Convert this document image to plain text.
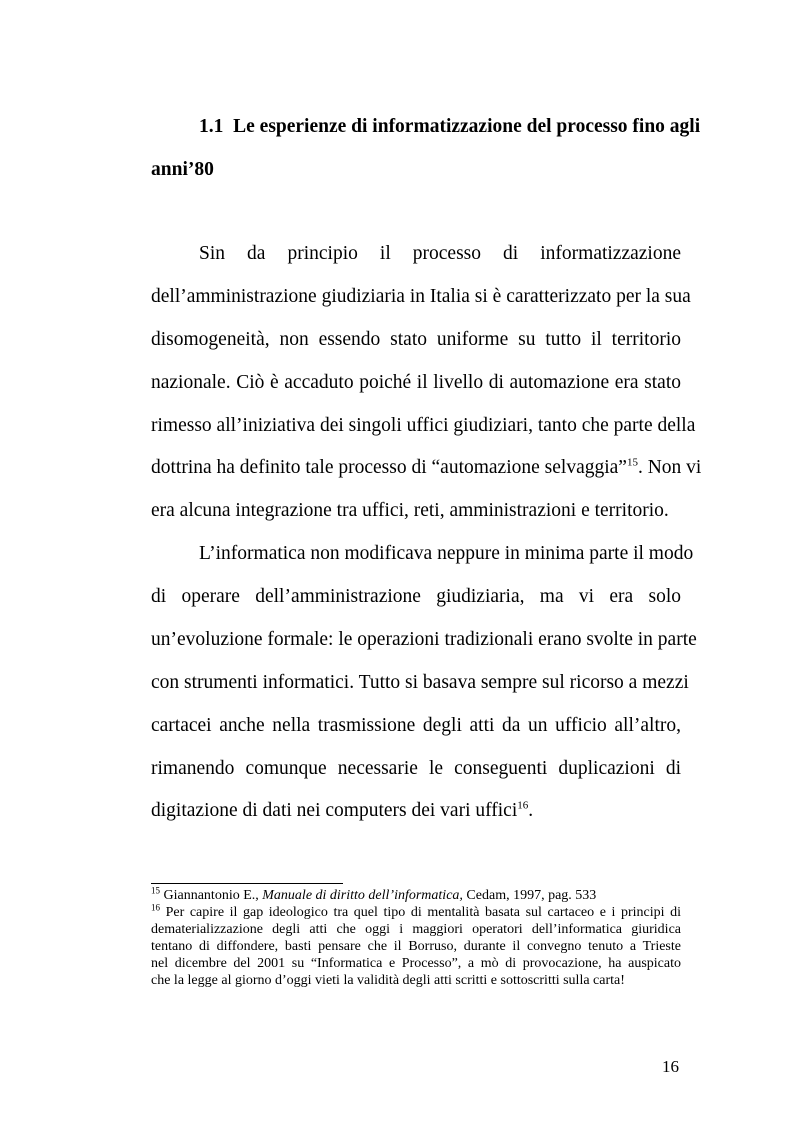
1.1 Le esperienze di informatizzazione del processo fino agli
anni’80
Sin da principio il processo di informatizzazione
dell’amministrazione giudiziaria in Italia si è caratterizzato per la sua
disomogeneità, non essendo stato uniforme su tutto il territorio
nazionale. Ciò è accaduto poiché il livello di automazione era stato
rimesso all’iniziativa dei singoli uffici giudiziari, tanto che parte della
dottrina ha definito tale processo di “automazione selvaggia”$^{15}$. Non vi
era alcuna integrazione tra uffici, reti, amministrazioni e territorio.
L’informatica non modificava neppure in minima parte il modo
di operare dell’amministrazione giudiziaria, ma vi era solo
un’evoluzione formale: le operazioni tradizionali erano svolte in parte
con strumenti informatici. Tutto si basava sempre sul ricorso a mezzi
cartacei anche nella trasmissione degli atti da un ufficio all’altro,
rimanendo comunque necessarie le conseguenti duplicazioni di
digitazione di dati nei computers dei vari uffici$^{16}$.
$^{15}$ Giannantonio E., Manuale di diritto dell’informatica, Cedam, 1997, pag. 533
$^{16}$ Per capire il gap ideologico tra quel tipo di mentalità basata sul cartaceo e i principi di
dematerializzazione degli atti che oggi i maggiori operatori dell’informatica giuridica
tentano di diffondere, basti pensare che il Borruso, durante il convegno tenuto a Trieste
nel dicembre del 2001 su “Informatica e Processo”, a mò di provocazione, ha auspicato
che la legge al giorno d’oggi vieti la validità degli atti scritti e sottoscritti sulla carta!
16
